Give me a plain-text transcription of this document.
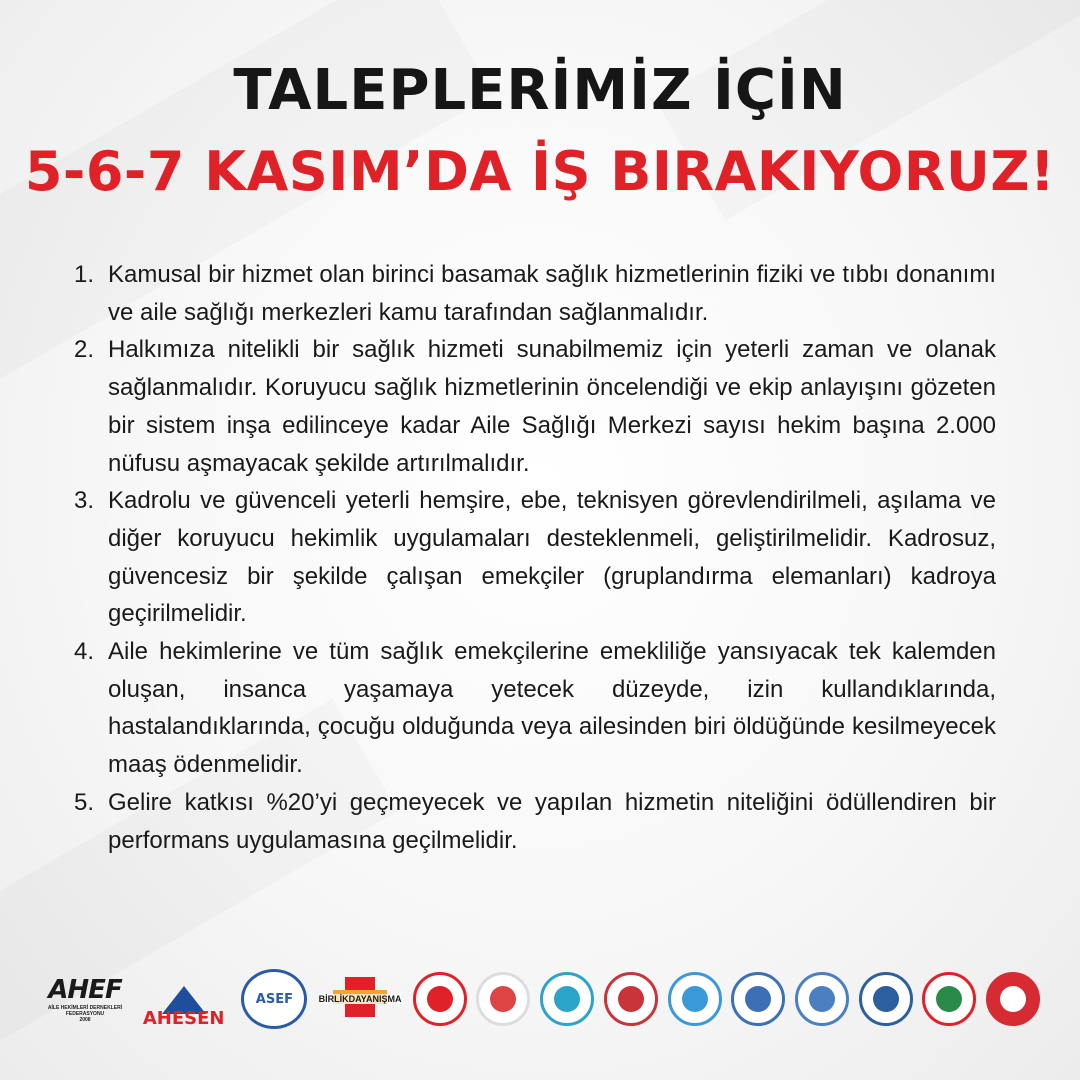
TALEPLERİMİZ İÇİN
5-6-7 KASIM’DA İŞ BIRAKIYORUZ!
1. Kamusal bir hizmet olan birinci basamak sağlık hizmetlerinin fiziki ve tıbbı donanımı ve aile sağlığı merkezleri kamu tarafından sağlanmalıdır.
2. Halkımıza nitelikli bir sağlık hizmeti sunabilmemiz için yeterli zaman ve olanak sağlanmalıdır. Koruyucu sağlık hizmetlerinin öncelendiği ve ekip anlayışını gözeten bir sistem inşa edilinceye kadar Aile Sağlığı Merkezi sayısı hekim başına 2.000 nüfusu aşmayacak şekilde artırılmalıdır.
3. Kadrolu ve güvenceli yeterli hemşire, ebe, teknisyen görevlendirilmeli, aşılama ve diğer koruyucu hekimlik uygulamaları desteklenmeli, geliştirilmelidir. Kadrosuz, güvencesiz bir şekilde çalışan emekçiler (gruplandırma elemanları) kadroya geçirilmelidir.
4. Aile hekimlerine ve tüm sağlık emekçilerine emekliliğe yansıyacak tek kalemden oluşan, insanca yaşamaya yetecek düzeyde, izin kullandıklarında, hastalandıklarında, çocuğu olduğunda veya ailesinden biri öldüğünde kesilmeyecek maaş ödenmelidir.
5. Gelire katkısı %20’yi geçmeyecek ve yapılan hizmetin niteliğini ödüllendiren bir performans uygulamasına geçilmelidir.
AHEF
AİLE HEKİMLERİ DERNEKLERİ FEDERASYONU
2008	AHESEN
ASEF	BİRLİKDAYANIŞMA
